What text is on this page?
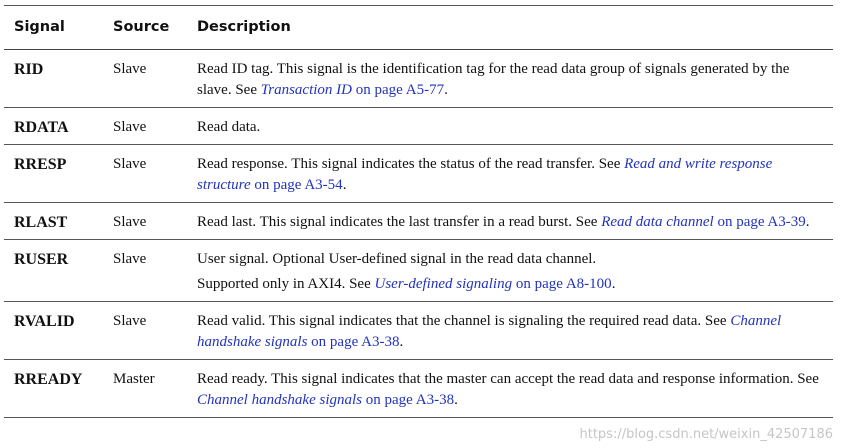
Signal	Source	Description
RID	Slave	Read ID tag. This signal is the identification tag for the read data group of signals generated by the slave. See Transaction ID on page A5-77.

RDATA	Slave	Read data.

RRESP	Slave	Read response. This signal indicates the status of the read transfer. See Read and write response structure on page A3-54.

RLAST	Slave	Read last. This signal indicates the last transfer in a read burst. See Read data channel on page A3-39.

RUSER	Slave	User signal. Optional User-defined signal in the read data channel.

Supported only in AXI4. See User-defined signaling on page A8-100.

RVALID	Slave	Read valid. This signal indicates that the channel is signaling the required read data. See Channel handshake signals on page A3-38.

RREADY	Master	Read ready. This signal indicates that the master can accept the read data and response information. See Channel handshake signals on page A3-38.

https://blog.csdn.net/weixin_42507186
